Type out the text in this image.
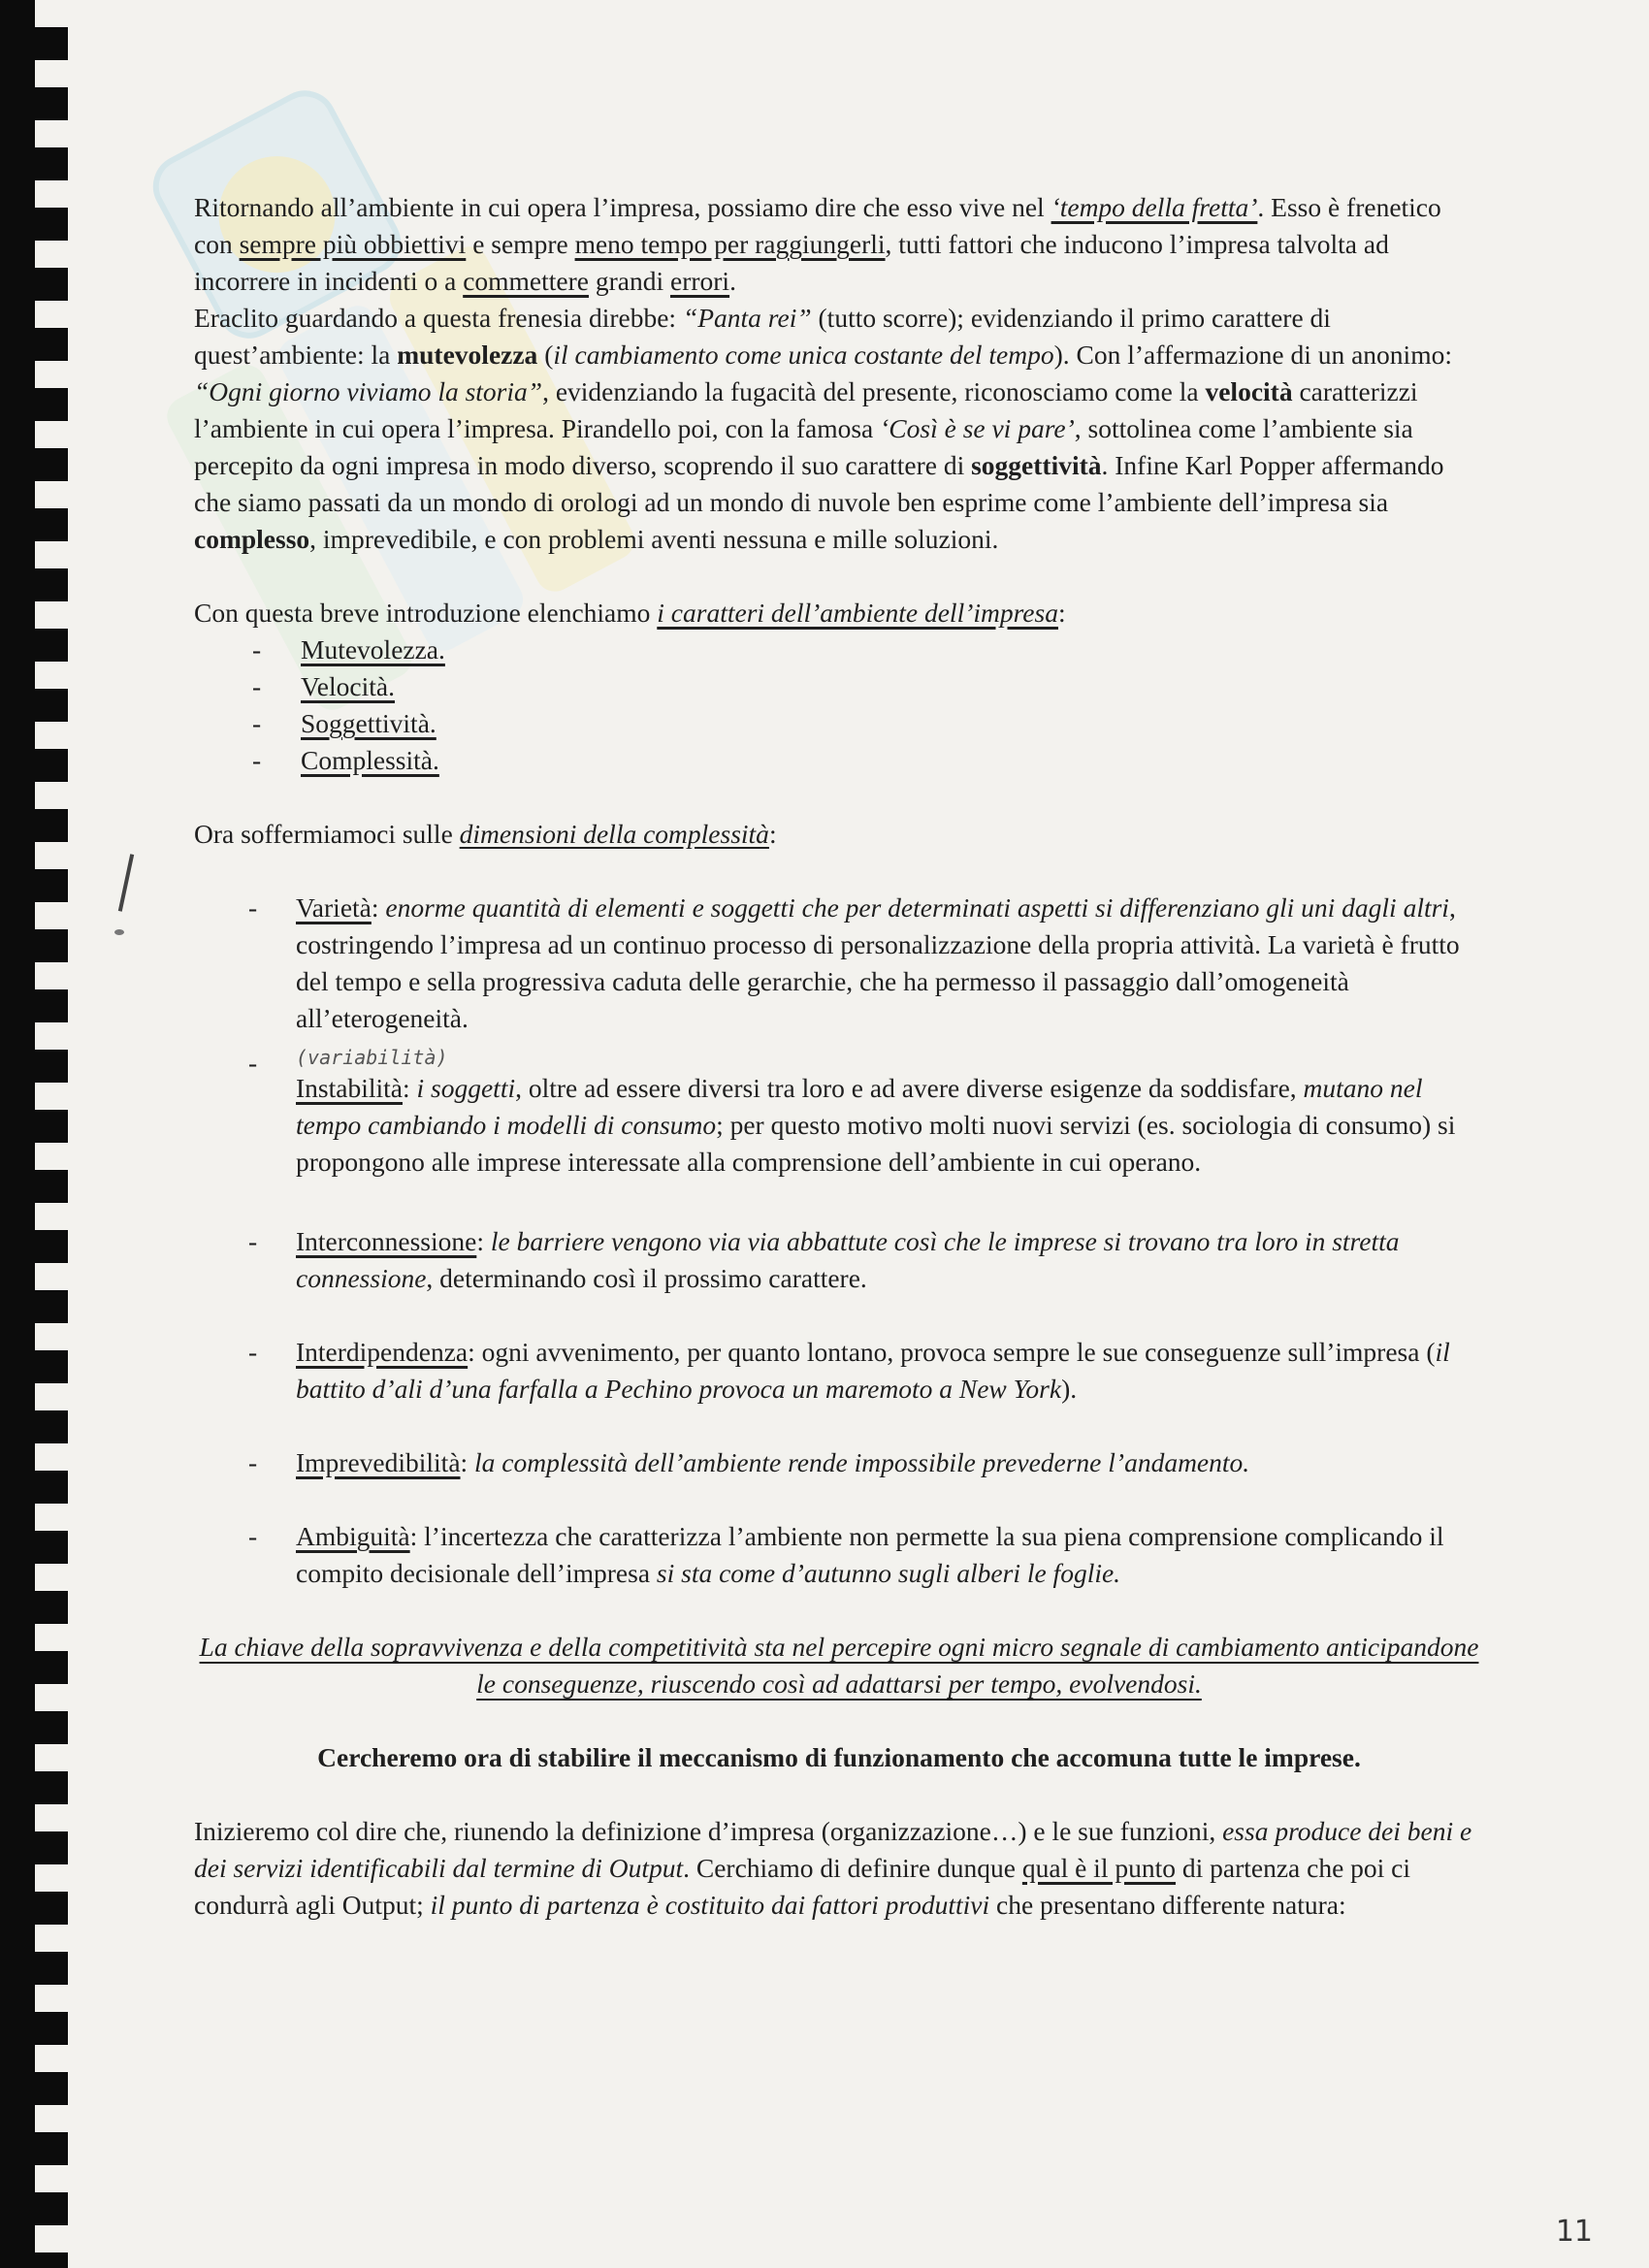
Ritornando all’ambiente in cui opera l’impresa, possiamo dire che esso vive nel ‘tempo della fretta’. Esso è frenetico con sempre più obbiettivi e sempre meno tempo per raggiungerli, tutti fattori che inducono l’impresa talvolta ad incorrere in incidenti o a commettere grandi errori.
Eraclito guardando a questa frenesia direbbe: “Panta rei” (tutto scorre); evidenziando il primo carattere di quest’ambiente: la mutevolezza (il cambiamento come unica costante del tempo). Con l’affermazione di un anonimo: “Ogni giorno viviamo la storia”, evidenziando la fugacità del presente, riconosciamo come la velocità caratterizzi l’ambiente in cui opera l’impresa. Pirandello poi, con la famosa ‘Così è se vi pare’, sottolinea come l’ambiente sia percepito da ogni impresa in modo diverso, scoprendo il suo carattere di soggettività. Infine Karl Popper affermando che siamo passati da un mondo di orologi ad un mondo di nuvole ben esprime come l’ambiente dell’impresa sia complesso, imprevedibile, e con problemi aventi nessuna e mille soluzioni.

Con questa breve introduzione elenchiamo i caratteri dell’ambiente dell’impresa:

- Mutevolezza.
- Velocità.
- Soggettività.
- Complessità.

Ora soffermiamoci sulle dimensioni della complessità:

- Varietà: enorme quantità di elementi e soggetti che per determinati aspetti si differenziano gli uni dagli altri, costringendo l’impresa ad un continuo processo di personalizzazione della propria attività. La varietà è frutto del tempo e sella progressiva caduta delle gerarchie, che ha permesso il passaggio dall’omogeneità all’eterogeneità.
- (variabilità)
Instabilità: i soggetti, oltre ad essere diversi tra loro e ad avere diverse esigenze da soddisfare, mutano nel tempo cambiando i modelli di consumo; per questo motivo molti nuovi servizi (es. sociologia di consumo) si propongono alle imprese interessate alla comprensione dell’ambiente in cui operano.
- Interconnessione: le barriere vengono via via abbattute così che le imprese si trovano tra loro in stretta connessione, determinando così il prossimo carattere.
- Interdipendenza: ogni avvenimento, per quanto lontano, provoca sempre le sue conseguenze sull’impresa (il battito d’ali d’una farfalla a Pechino provoca un maremoto a New York).
- Imprevedibilità: la complessità dell’ambiente rende impossibile prevederne l’andamento.
- Ambiguità: l’incertezza che caratterizza l’ambiente non permette la sua piena comprensione complicando il compito decisionale dell’impresa si sta come d’autunno sugli alberi le foglie.

La chiave della sopravvivenza e della competitività sta nel percepire ogni micro segnale di cambiamento anticipandone le conseguenze, riuscendo così ad adattarsi per tempo, evolvendosi.

Cercheremo ora di stabilire il meccanismo di funzionamento che accomuna tutte le imprese.

Inizieremo col dire che, riunendo la definizione d’impresa (organizzazione…) e le sue funzioni, essa produce dei beni e dei servizi identificabili dal termine di Output. Cerchiamo di definire dunque qual è il punto di partenza che poi ci condurrà agli Output; il punto di partenza è costituito dai fattori produttivi che presentano differente natura:

11
